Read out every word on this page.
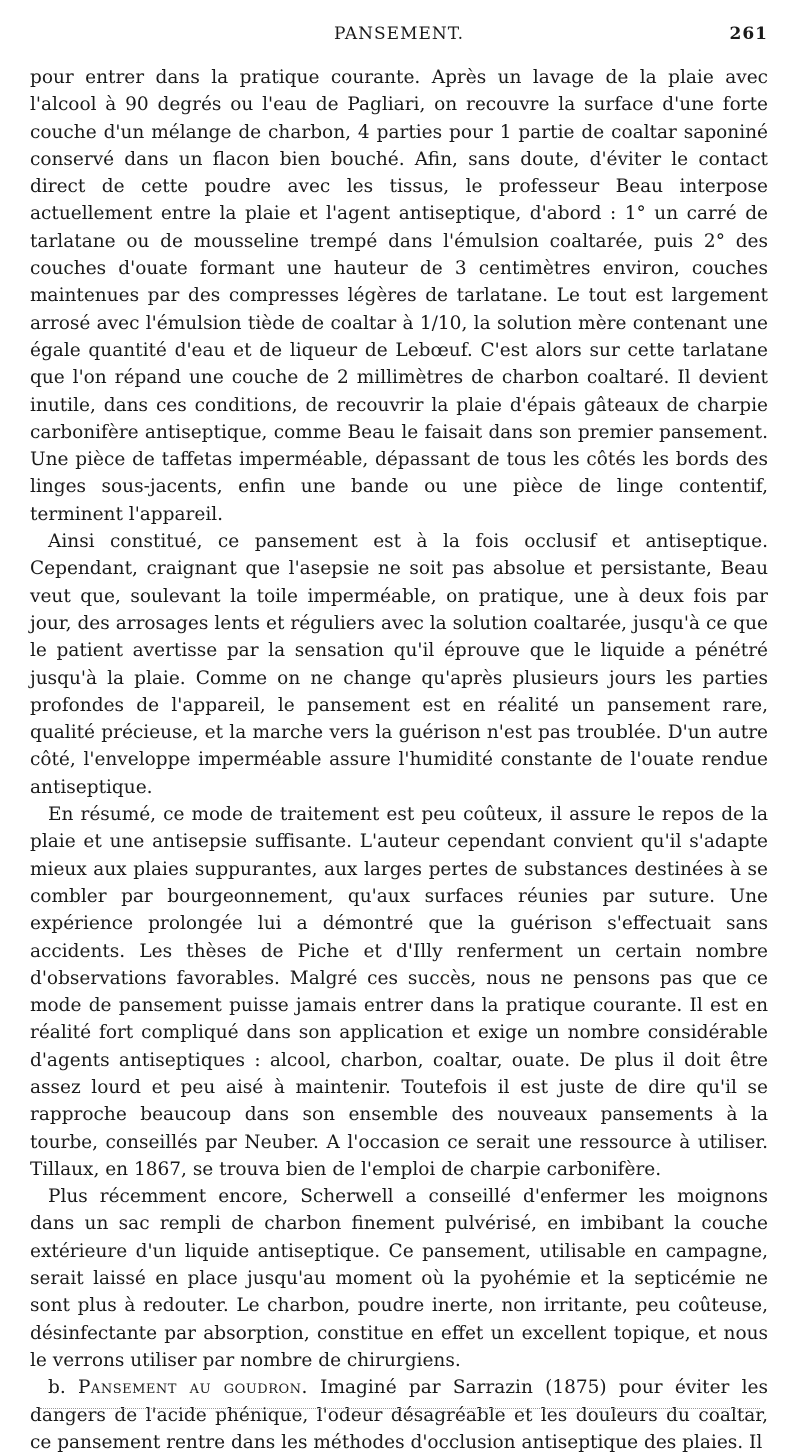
PANSEMENT.	261

pour entrer dans la pratique courante. Après un lavage de la plaie avec l'alcool à 90 degrés ou l'eau de Pagliari, on recouvre la surface d'une forte couche d'un mélange de charbon, 4 parties pour 1 partie de coaltar saponiné conservé dans un flacon bien bouché. Afin, sans doute, d'éviter le contact direct de cette poudre avec les tissus, le professeur Beau interpose actuellement entre la plaie et l'agent antiseptique, d'abord : 1° un carré de tarlatane ou de mousseline trempé dans l'émulsion coaltarée, puis 2° des couches d'ouate formant une hauteur de 3 centimètres environ, couches maintenues par des compresses légères de tarlatane. Le tout est largement arrosé avec l'émulsion tiède de coaltar à 1/10, la solution mère contenant une égale quantité d'eau et de liqueur de Lebœuf. C'est alors sur cette tarlatane que l'on répand une couche de 2 millimètres de charbon coaltaré. Il devient inutile, dans ces conditions, de recouvrir la plaie d'épais gâteaux de charpie carbonifère antiseptique, comme Beau le faisait dans son premier pansement. Une pièce de taffetas imperméable, dépassant de tous les côtés les bords des linges sous-jacents, enfin une bande ou une pièce de linge contentif, terminent l'appareil.

Ainsi constitué, ce pansement est à la fois occlusif et antiseptique. Cependant, craignant que l'asepsie ne soit pas absolue et persistante, Beau veut que, soulevant la toile imperméable, on pratique, une à deux fois par jour, des arrosages lents et réguliers avec la solution coaltarée, jusqu'à ce que le patient avertisse par la sensation qu'il éprouve que le liquide a pénétré jusqu'à la plaie. Comme on ne change qu'après plusieurs jours les parties profondes de l'appareil, le pansement est en réalité un pansement rare, qualité précieuse, et la marche vers la guérison n'est pas troublée. D'un autre côté, l'enveloppe imperméable assure l'humidité constante de l'ouate rendue antiseptique.

En résumé, ce mode de traitement est peu coûteux, il assure le repos de la plaie et une antisepsie suffisante. L'auteur cependant convient qu'il s'adapte mieux aux plaies suppurantes, aux larges pertes de substances destinées à se combler par bourgeonnement, qu'aux surfaces réunies par suture. Une expérience prolongée lui a démontré que la guérison s'effectuait sans accidents. Les thèses de Piche et d'Illy renferment un certain nombre d'observations favorables. Malgré ces succès, nous ne pensons pas que ce mode de pansement puisse jamais entrer dans la pratique courante. Il est en réalité fort compliqué dans son application et exige un nombre considérable d'agents antiseptiques : alcool, charbon, coaltar, ouate. De plus il doit être assez lourd et peu aisé à maintenir. Toutefois il est juste de dire qu'il se rapproche beaucoup dans son ensemble des nouveaux pansements à la tourbe, conseillés par Neuber. A l'occasion ce serait une ressource à utiliser. Tillaux, en 1867, se trouva bien de l'emploi de charpie carbonifère.

Plus récemment encore, Scherwell a conseillé d'enfermer les moignons dans un sac rempli de charbon finement pulvérisé, en imbibant la couche extérieure d'un liquide antiseptique. Ce pansement, utilisable en campagne, serait laissé en place jusqu'au moment où la pyohémie et la septicémie ne sont plus à redouter. Le charbon, poudre inerte, non irritante, peu coûteuse, désinfectante par absorption, constitue en effet un excellent topique, et nous le verrons utiliser par nombre de chirurgiens.

b. Pansement au goudron. Imaginé par Sarrazin (1875) pour éviter les dangers de l'acide phénique, l'odeur désagréable et les douleurs du coaltar, ce pansement rentre dans les méthodes d'occlusion antiseptique des plaies. Il
